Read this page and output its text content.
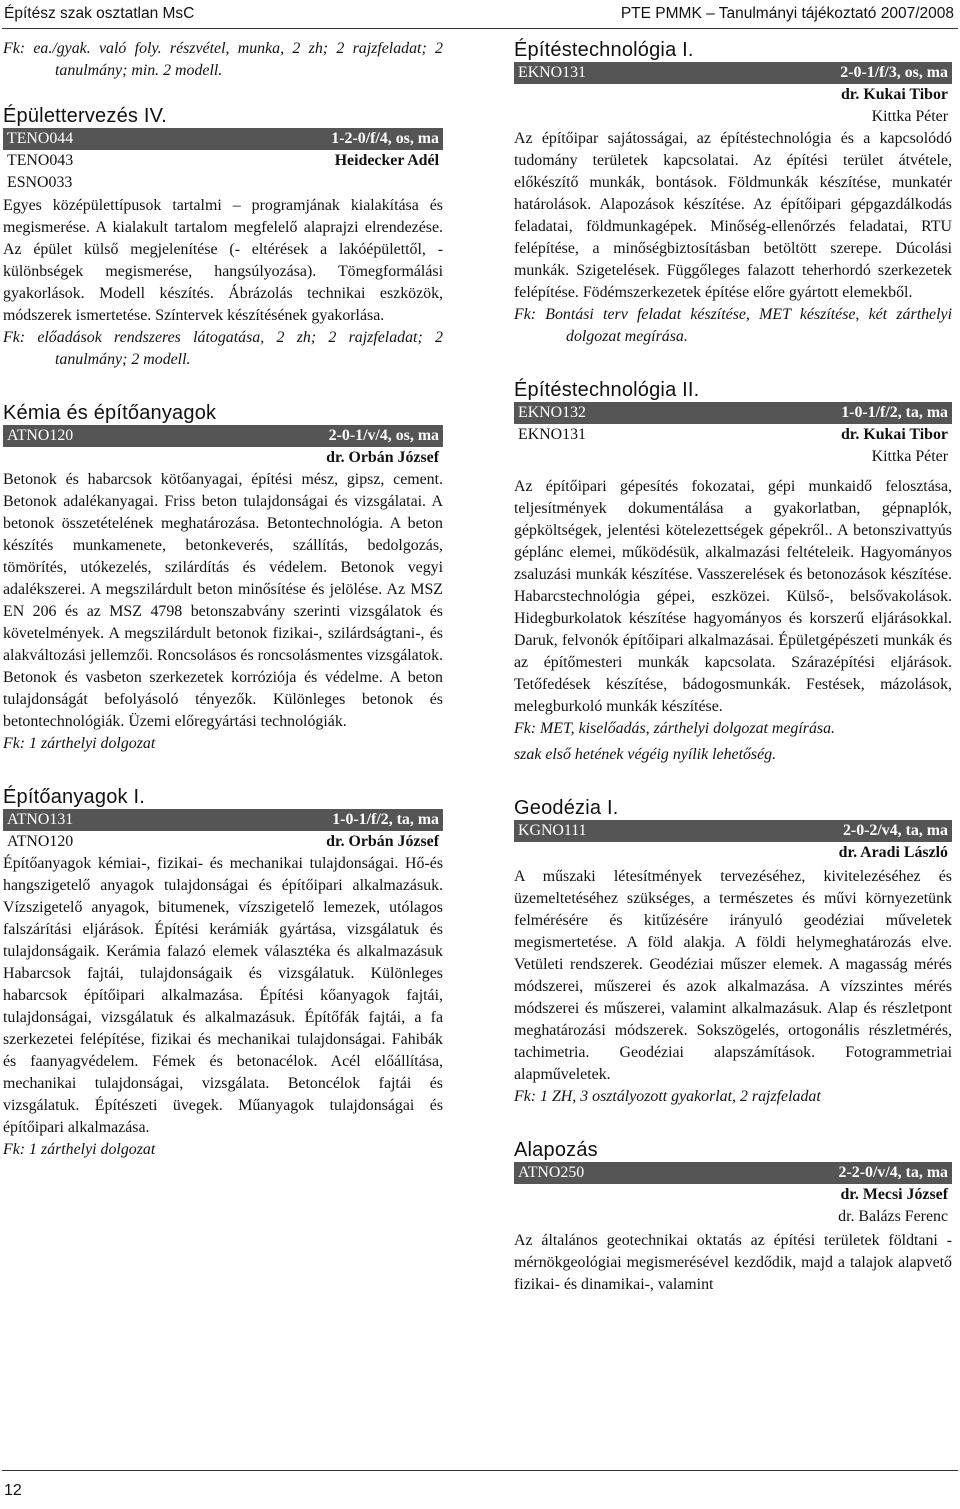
Építész szak osztatlan MsC	PTE PMMK – Tanulmányi tájékoztató 2007/2008

Fk: ea./gyak. való foly. részvétel, munka, 2 zh; 2 rajzfeladat; 2 tanulmány; min. 2 modell.

Épülettervezés IV.
TENO044	1-2-0/f/4, os, ma
TENO043	Heidecker Adél
ESNO033

Egyes középülettípusok tartalmi – programjának kialakítása és megismerése. A kialakult tartalom megfelelő alaprajzi elrendezése. Az épület külső megjelenítése (- eltérések a lakóépülettől, - különbségek megismerése, hangsúlyozása). Tömegformálási gyakorlások. Modell készítés. Ábrázolás technikai eszközök, módszerek ismertetése. Színtervek készítésének gyakorlása.

Fk: előadások rendszeres látogatása, 2 zh; 2 rajzfeladat; 2 tanulmány; 2 modell.

Kémia és építőanyagok
ATNO120	2-0-1/v/4, os, ma
dr. Orbán József

Betonok és habarcsok kötőanyagai, építési mész, gipsz, cement. Betonok adalékanyagai. Friss beton tulajdonságai és vizsgálatai. A betonok összetételének meghatározása. Betontechnológia. A beton készítés munkamenete, betonkeverés, szállítás, bedolgozás, tömörítés, utókezelés, szilárdítás és védelem. Betonok vegyi adalékszerei. A megszilárdult beton minősítése és jelölése. Az MSZ EN 206 és az MSZ 4798 betonszabvány szerinti vizsgálatok és követelmények. A megszilárdult betonok fizikai-, szilárdságtani-, és alakváltozási jellemzői. Roncsolásos és roncsolásmentes vizsgálatok. Betonok és vasbeton szerkezetek korróziója és védelme. A beton tulajdonságát befolyásoló tényezők. Különleges betonok és betontechnológiák. Üzemi előregyártási technológiák.

Fk: 1 zárthelyi dolgozat

Építőanyagok I.
ATNO131	1-0-1/f/2, ta, ma
ATNO120	dr. Orbán József

Építőanyagok kémiai-, fizikai- és mechanikai tulajdonságai. Hő-és hangszigetelő anyagok tulajdonságai és építőipari alkalmazásuk. Vízszigetelő anyagok, bitumenek, vízszigetelő lemezek, utólagos falszárítási eljárások. Építési kerámiák gyártása, vizsgálatuk és tulajdonságaik. Kerámia falazó elemek választéka és alkalmazásuk Habarcsok fajtái, tulajdonságaik és vizsgálatuk. Különleges habarcsok építőipari alkalmazása. Építési kőanyagok fajtái, tulajdonságai, vizsgálatuk és alkalmazásuk. Építőfák fajtái, a fa szerkezetei felépítése, fizikai és mechanikai tulajdonságai. Fahibák és faanyagvédelem. Fémek és betonacélok. Acél előállítása, mechanikai tulajdonságai, vizsgálata. Betoncélok fajtái és vizsgálatuk. Építészeti üvegek. Műanyagok tulajdonságai és építőipari alkalmazása.

Fk: 1 zárthelyi dolgozat

Építéstechnológia I.
EKNO131	2-0-1/f/3, os, ma
dr. Kukai Tibor
Kittka Péter

Az építőipar sajátosságai, az építéstechnológia és a kapcsolódó tudomány területek kapcsolatai. Az építési terület átvétele, előkészítő munkák, bontások. Földmunkák készítése, munkatér határolások. Alapozások készítése. Az építőipari gépgazdálkodás feladatai, földmunkagépek. Minőség-ellenőrzés feladatai, RTU felépítése, a minőségbiztosításban betöltött szerepe. Dúcolási munkák. Szigetelések. Függőleges falazott teherhordó szerkezetek felépítése. Födémszerkezetek építése előre gyártott elemekből.

Fk: Bontási terv feladat készítése, MET készítése, két zárthelyi dolgozat megírása.

Építéstechnológia II.
EKNO132	1-0-1/f/2, ta, ma
EKNO131	dr. Kukai Tibor
Kittka Péter

Az építőipari gépesítés fokozatai, gépi munkaidő felosztása, teljesítmények dokumentálása a gyakorlatban, gépnaplók, gépköltségek, jelentési kötelezettségek gépekről.. A betonszivattyús géplánc elemei, működésük, alkalmazási feltételeik. Hagyományos zsaluzási munkák készítése. Vasszerelések és betonozások készítése. Habarcstechnológia gépei, eszközei. Külső-, belsővakolások. Hidegburkolatok készítése hagyományos és korszerű eljárásokkal. Daruk, felvonók építőipari alkalmazásai. Épületgépészeti munkák és az építőmesteri munkák kapcsolata. Szárazépítési eljárások. Tetőfedések készítése, bádogosmunkák. Festések, mázolások, melegburkoló munkák készítése.

Fk: MET, kiselőadás, zárthelyi dolgozat megírása.

szak első hetének végéig nyílik lehetőség.

Geodézia I.
KGNO111	2-0-2/v4, ta, ma
dr. Aradi László

A műszaki létesítmények tervezéséhez, kivitelezéséhez és üzemeltetéséhez szükséges, a természetes és művi környezetünk felmérésére és kitűzésére irányuló geodéziai műveletek megismertetése. A föld alakja. A földi helymeghatározás elve. Vetületi rendszerek. Geodéziai műszer elemek. A magasság mérés módszerei, műszerei és azok alkalmazása. A vízszintes mérés módszerei és műszerei, valamint alkalmazásuk. Alap és részletpont meghatározási módszerek. Sokszögelés, ortogonális részletmérés, tachimetria. Geodéziai alapszámítások. Fotogrammetriai alapműveletek.

Fk: 1 ZH, 3 osztályozott gyakorlat, 2 rajzfeladat

Alapozás
ATNO250	2-2-0/v/4, ta, ma
dr. Mecsi József
dr. Balázs Ferenc

Az általános geotechnikai oktatás az építési területek földtani - mérnökgeológiai megismerésével kezdődik, majd a talajok alapvető fizikai- és dinamikai-, valamint

12
